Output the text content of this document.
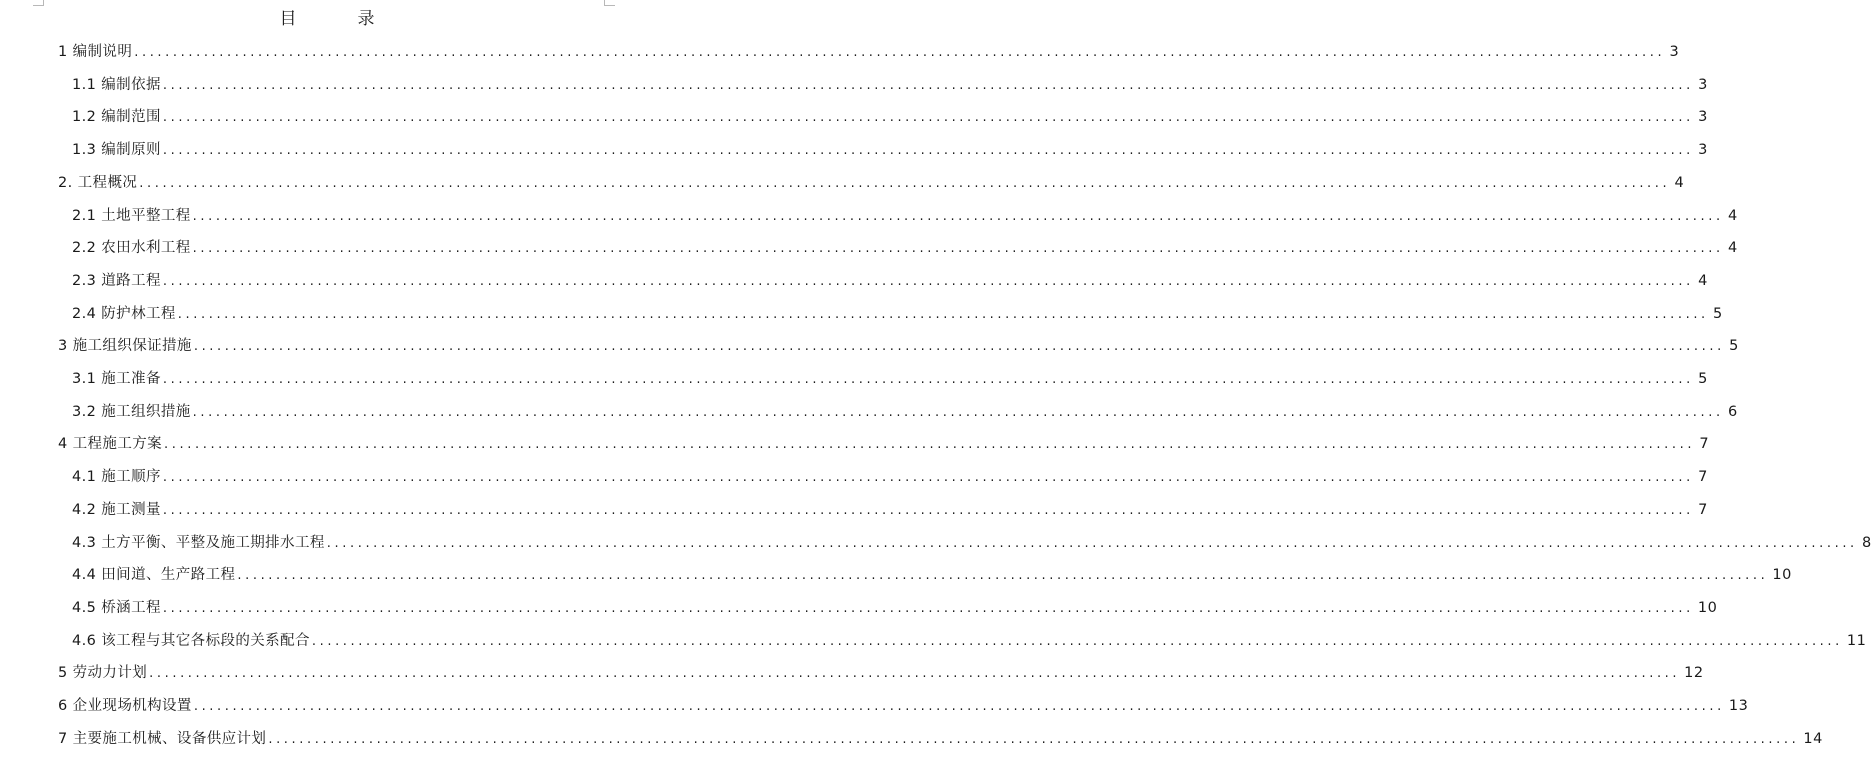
目　录
1 编制说明 ...................................................................................................................................................................................................... 3
1.1 编制依据 ...................................................................................................................................................................................................... 3
1.2 编制范围 ...................................................................................................................................................................................................... 3
1.3 编制原则 ...................................................................................................................................................................................................... 3
2. 工程概况 ...................................................................................................................................................................................................... 4
2.1 土地平整工程 ...................................................................................................................................................................................................... 4
2.2 农田水利工程 ...................................................................................................................................................................................................... 4
2.3 道路工程 ...................................................................................................................................................................................................... 4
2.4 防护林工程 ...................................................................................................................................................................................................... 5
3 施工组织保证措施 ...................................................................................................................................................................................................... 5
3.1 施工准备 ...................................................................................................................................................................................................... 5
3.2 施工组织措施 ...................................................................................................................................................................................................... 6
4 工程施工方案 ...................................................................................................................................................................................................... 7
4.1 施工顺序 ...................................................................................................................................................................................................... 7
4.2 施工测量 ...................................................................................................................................................................................................... 7
4.3 土方平衡、平整及施工期排水工程 ...................................................................................................................................................................................................... 8
4.4 田间道、生产路工程 ...................................................................................................................................................................................................... 10
4.5 桥涵工程 ...................................................................................................................................................................................................... 10
4.6 该工程与其它各标段的关系配合 ...................................................................................................................................................................................................... 11
5 劳动力计划 ...................................................................................................................................................................................................... 12
6 企业现场机构设置 ...................................................................................................................................................................................................... 13
7 主要施工机械、设备供应计划 ...................................................................................................................................................................................................... 14
